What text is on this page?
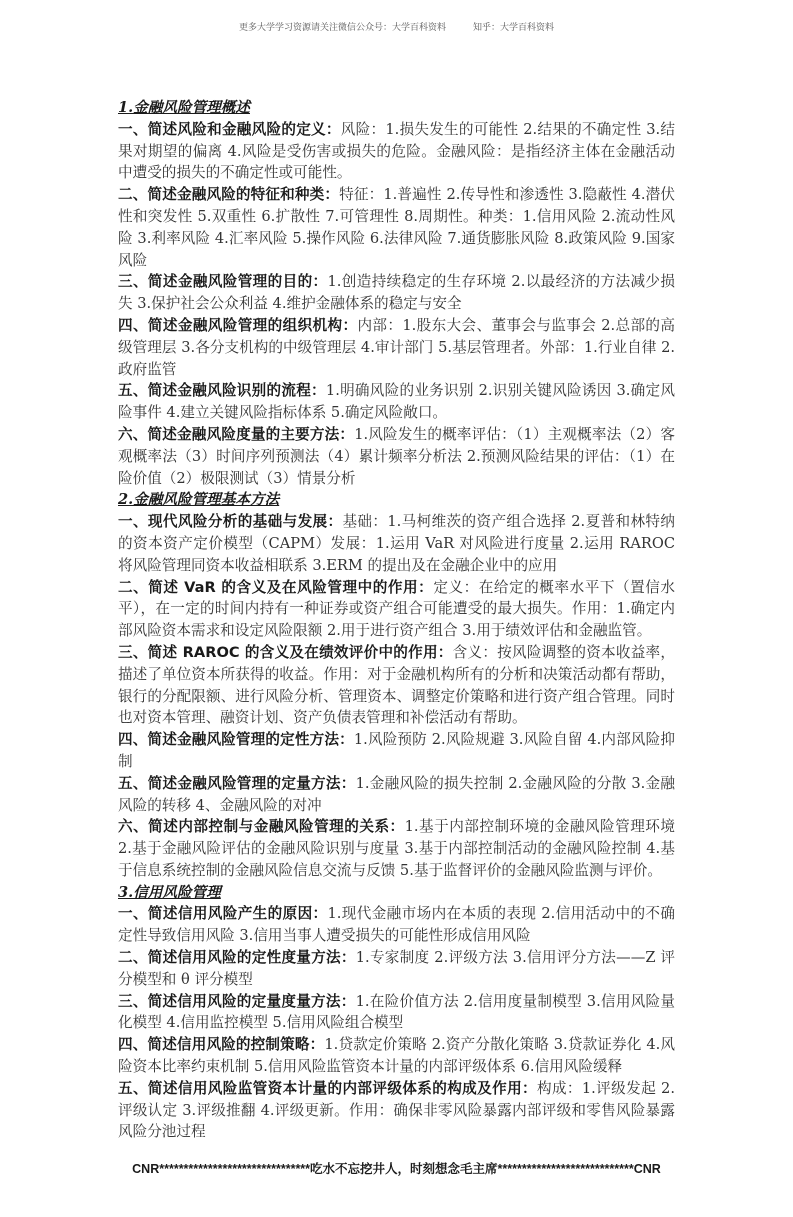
更多大学学习资源请关注微信公众号：大学百科资料	知乎：大学百科资料
1.金融风险管理概述
一、简述风险和金融风险的定义：风险：1.损失发生的可能性 2.结果的不确定性 3.结果对期望的偏离 4.风险是受伤害或损失的危险。金融风险：是指经济主体在金融活动中遭受的损失的不确定性或可能性。
二、简述金融风险的特征和种类：特征：1.普遍性 2.传导性和渗透性 3.隐蔽性 4.潜伏性和突发性 5.双重性 6.扩散性 7.可管理性 8.周期性。种类：1.信用风险 2.流动性风险 3.利率风险 4.汇率风险 5.操作风险 6.法律风险 7.通货膨胀风险 8.政策风险 9.国家风险
三、简述金融风险管理的目的：1.创造持续稳定的生存环境 2.以最经济的方法减少损失 3.保护社会公众利益 4.维护金融体系的稳定与安全
四、简述金融风险管理的组织机构：内部：1.股东大会、董事会与监事会 2.总部的高级管理层 3.各分支机构的中级管理层 4.审计部门 5.基层管理者。外部：1.行业自律 2.政府监管
五、简述金融风险识别的流程：1.明确风险的业务识别 2.识别关键风险诱因 3.确定风险事件 4.建立关键风险指标体系 5.确定风险敞口。
六、简述金融风险度量的主要方法：1.风险发生的概率评估：（1）主观概率法（2）客观概率法（3）时间序列预测法（4）累计频率分析法 2.预测风险结果的评估：（1）在险价值（2）极限测试（3）情景分析
2.金融风险管理基本方法
一、现代风险分析的基础与发展：基础：1.马柯维茨的资产组合选择 2.夏普和林特纳的资本资产定价模型（CAPM）发展：1.运用 VaR 对风险进行度量 2.运用 RAROC 将风险管理同资本收益相联系 3.ERM 的提出及在金融企业中的应用
二、简述 VaR 的含义及在风险管理中的作用：定义：在给定的概率水平下（置信水平），在一定的时间内持有一种证券或资产组合可能遭受的最大损失。作用：1.确定内部风险资本需求和设定风险限额 2.用于进行资产组合 3.用于绩效评估和金融监管。
三、简述 RAROC 的含义及在绩效评价中的作用：含义：按风险调整的资本收益率，描述了单位资本所获得的收益。作用：对于金融机构所有的分析和决策活动都有帮助，银行的分配限额、进行风险分析、管理资本、调整定价策略和进行资产组合管理。同时也对资本管理、融资计划、资产负债表管理和补偿活动有帮助。
四、简述金融风险管理的定性方法：1.风险预防 2.风险规避 3.风险自留 4.内部风险抑制
五、简述金融风险管理的定量方法：1.金融风险的损失控制 2.金融风险的分散 3.金融风险的转移 4、金融风险的对冲
六、简述内部控制与金融风险管理的关系：1.基于内部控制环境的金融风险管理环境 2.基于金融风险评估的金融风险识别与度量 3.基于内部控制活动的金融风险控制 4.基于信息系统控制的金融风险信息交流与反馈 5.基于监督评价的金融风险监测与评价。
3.信用风险管理
一、简述信用风险产生的原因：1.现代金融市场内在本质的表现 2.信用活动中的不确定性导致信用风险 3.信用当事人遭受损失的可能性形成信用风险
二、简述信用风险的定性度量方法：1.专家制度 2.评级方法 3.信用评分方法——Z 评分模型和 θ 评分模型
三、简述信用风险的定量度量方法：1.在险价值方法 2.信用度量制模型 3.信用风险量化模型 4.信用监控模型 5.信用风险组合模型
四、简述信用风险的控制策略：1.贷款定价策略 2.资产分散化策略 3.贷款证券化 4.风险资本比率约束机制 5.信用风险监管资本计量的内部评级体系 6.信用风险缓释
五、简述信用风险监管资本计量的内部评级体系的构成及作用：构成：1.评级发起 2.评级认定 3.评级推翻 4.评级更新。作用：确保非零风险暴露内部评级和零售风险暴露风险分池过程
CNR*******************************吃水不忘挖井人，时刻想念毛主席****************************CNR
